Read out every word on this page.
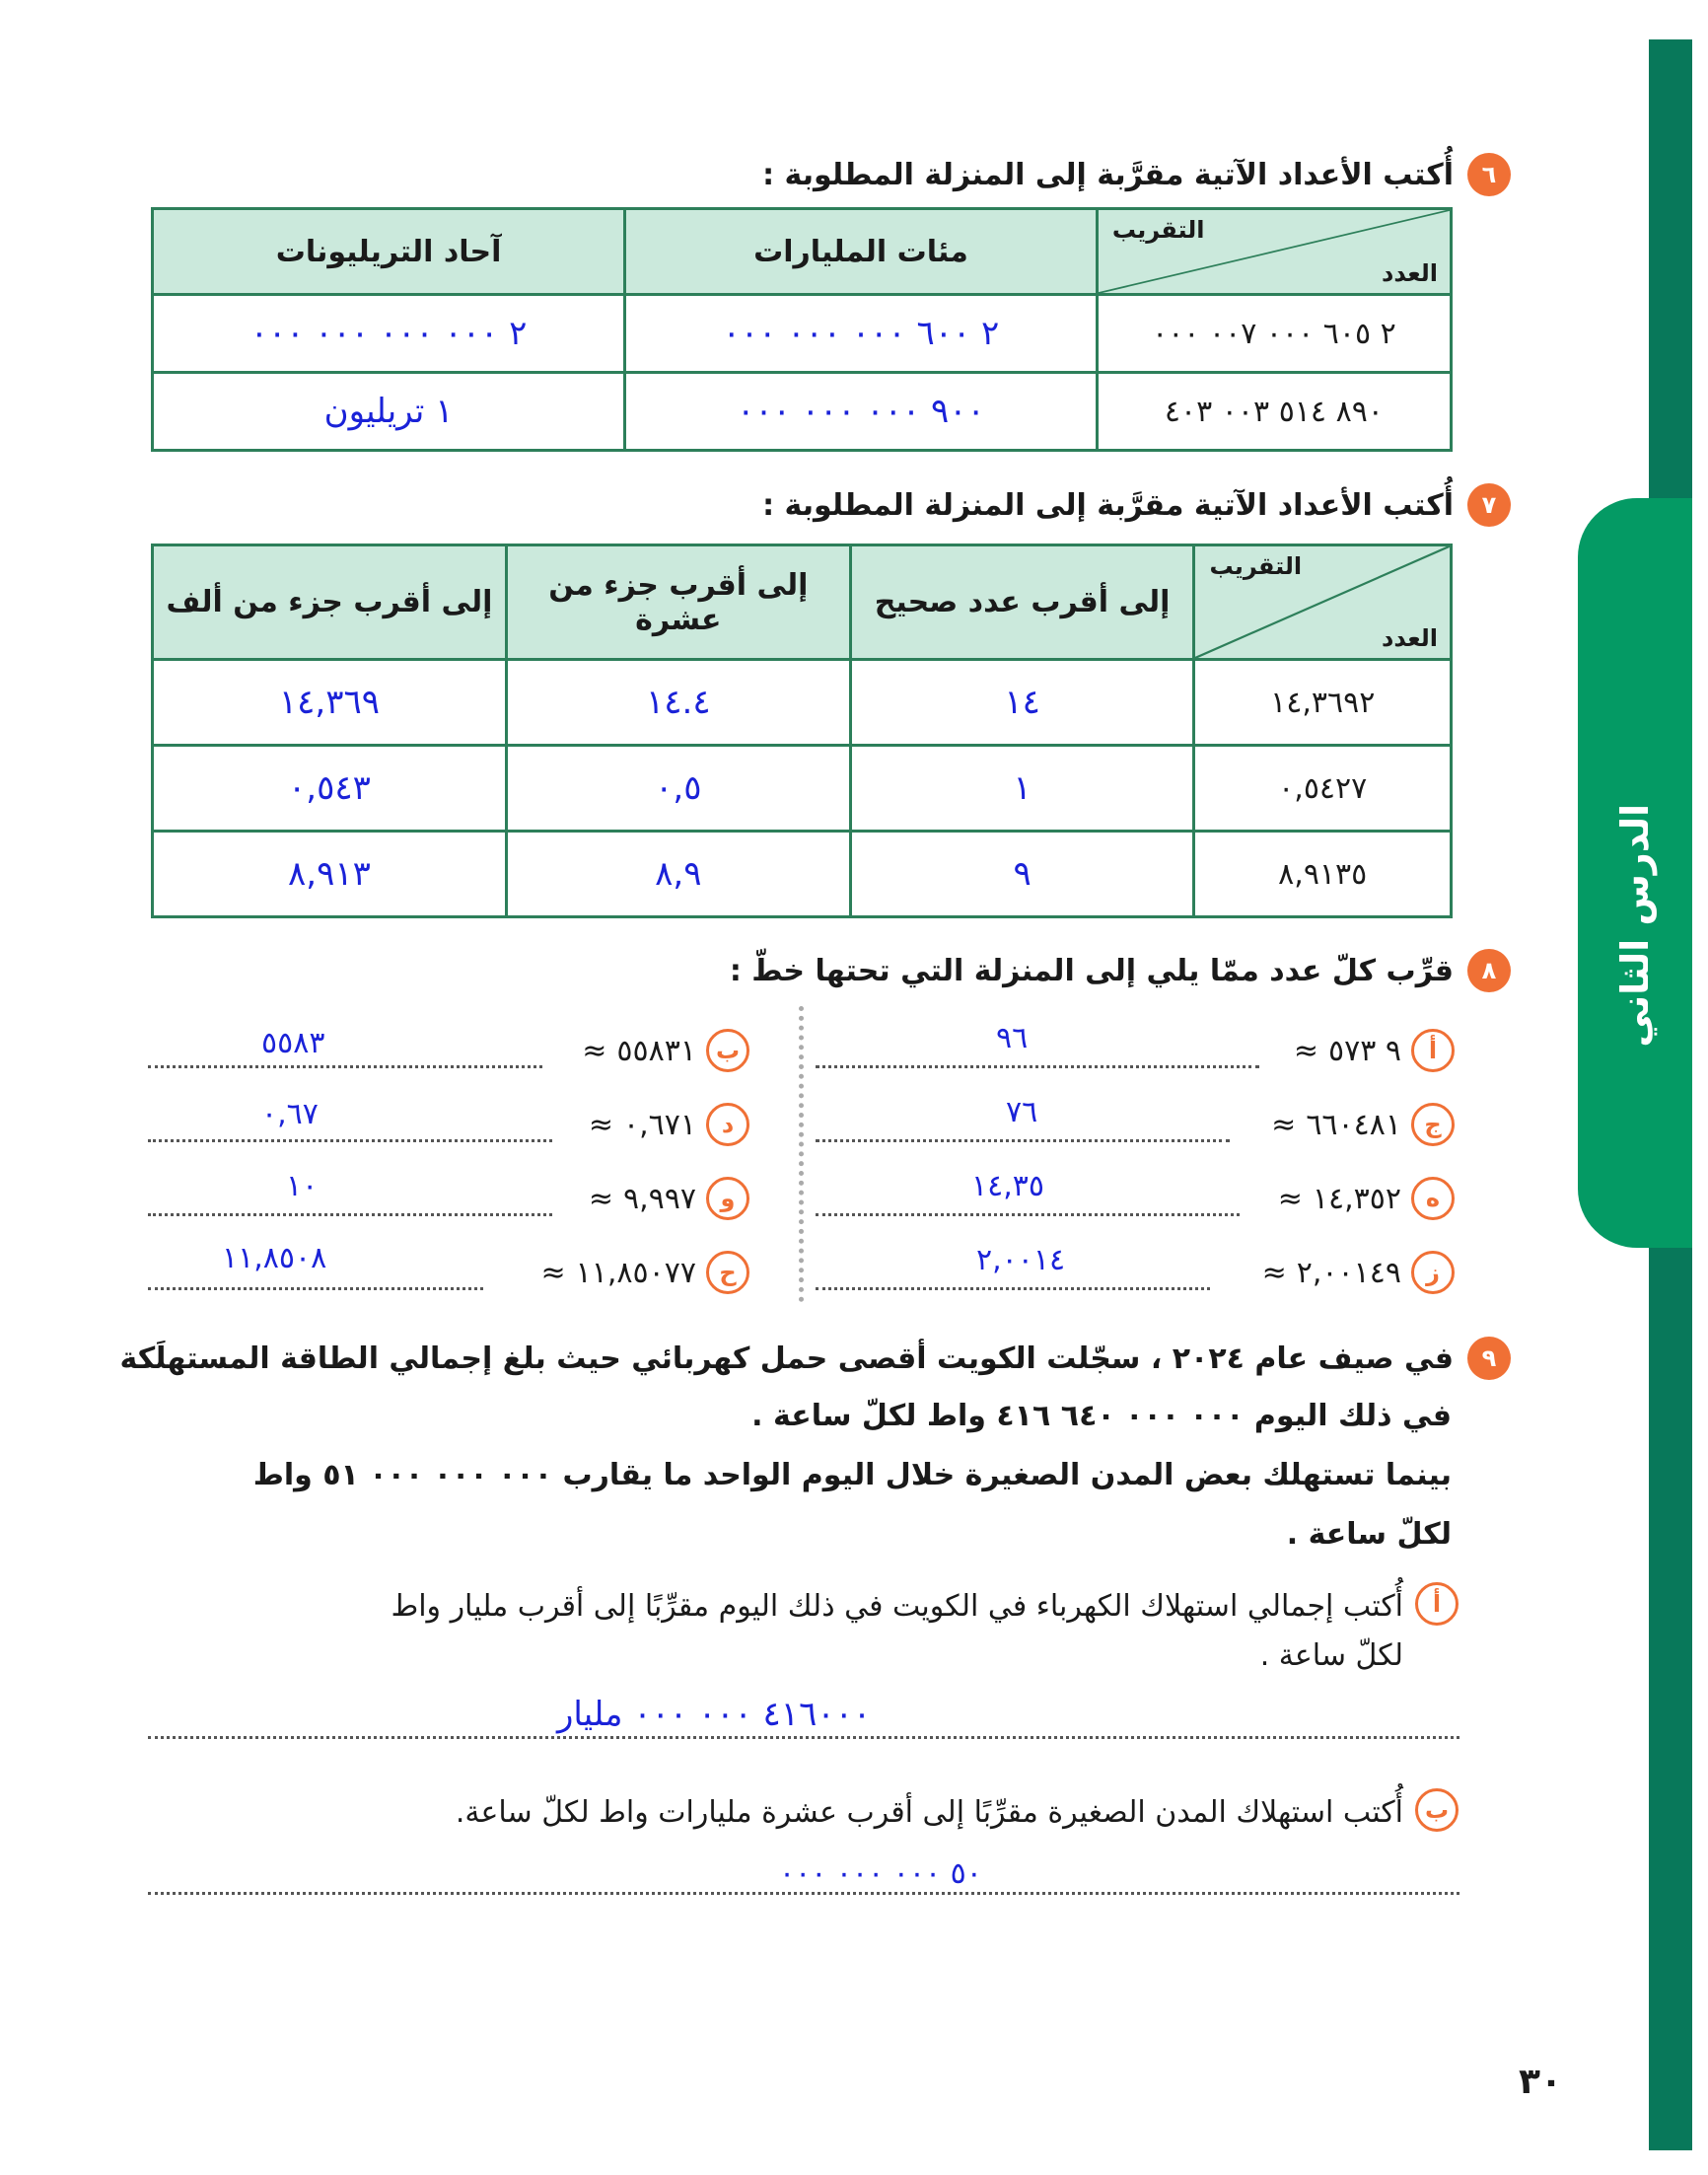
الدرس الثاني
٦
أُكتب الأعداد الآتية مقرَّبة إلى المنزلة المطلوبة :
التقريب
العدد	مئات المليارات	آحاد التريليونات
٢ ٦٠٥ ٠٠٠ ٠٠٧ ٠٠٠	٢ ٦٠٠ ٠٠٠ ٠٠٠ ٠٠٠	٢ ٠٠٠ ٠٠٠ ٠٠٠ ٠٠٠
٨٩٠ ٥١٤ ٠٠٣ ٤٠٣	٩٠٠ ٠٠٠ ٠٠٠ ٠٠٠	١ تريليون
٧
أُكتب الأعداد الآتية مقرَّبة إلى المنزلة المطلوبة :
التقريب
العدد	إلى أقرب عدد صحيح	إلى أقرب جزء من عشرة	إلى أقرب جزء من ألف
١٤,٣٦٩٢	١٤	١٤.٤	١٤,٣٦٩
٠,٥٤٢٧	١	٠,٥	٠,٥٤٣
٨,٩١٣٥	٩	٨,٩	٨,٩١٣
٨
قرِّب كلّ عدد ممّا يلي إلى المنزلة التي تحتها خطّ :
أ
٩ ٥٧٣
≈
٩٦
ج
٦٦٠٤٨١
≈
٧٦
ه
١٤,٣٥٢
≈
١٤,٣٥
ز
٢,٠٠١٤٩
≈
٢,٠٠١٤
ب
٥٥٨٣١
≈
٥٥٨٣
د
٠,٦٧١
≈
٠,٦٧
و
٩,٩٩٧
≈
١٠
ح
١١,٨٥٠٧٧
≈
١١,٨٥٠٨
٩
في صيف عام ٢٠٢٤ ، سجّلت الكويت أقصى حمل كهربائي حيث بلغ إجمالي الطاقة المستهلَكة
في ذلك اليوم ٠٠٠ ٠٠٠ ٦٤٠ ٤١٦ واط لكلّ ساعة .
بينما تستهلك بعض المدن الصغيرة خلال اليوم الواحد ما يقارب ٠٠٠ ٠٠٠ ٠٠٠ ٥١ واط
لكلّ ساعة .
أ
أُكتب إجمالي استهلاك الكهرباء في الكويت في ذلك اليوم مقرِّبًا إلى أقرب مليار واط
لكلّ ساعة .
٤١٦٠٠٠ ٠٠٠ ٠٠٠ مليار
ب
أُكتب استهلاك المدن الصغيرة مقرِّبًا إلى أقرب عشرة مليارات واط لكلّ ساعة.
٥٠ ٠٠٠ ٠٠٠ ٠٠٠
٣٠
